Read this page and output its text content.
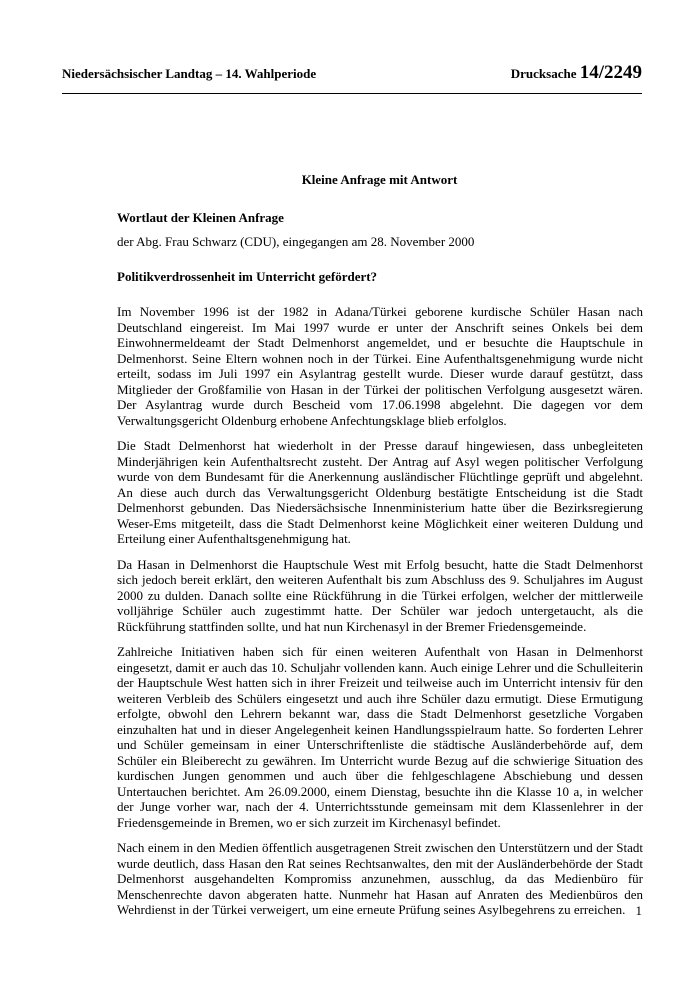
Niedersächsischer Landtag – 14. Wahlperiode	Drucksache 14/2249
Kleine Anfrage mit Antwort
Wortlaut der Kleinen Anfrage
der Abg. Frau Schwarz (CDU), eingegangen am 28. November 2000
Politikverdrossenheit im Unterricht gefördert?

Im November 1996 ist der 1982 in Adana/Türkei geborene kurdische Schüler Hasan nach Deutschland eingereist. Im Mai 1997 wurde er unter der Anschrift seines Onkels bei dem Einwohnermeldeamt der Stadt Delmenhorst angemeldet, und er besuchte die Hauptschule in Delmenhorst. Seine Eltern wohnen noch in der Türkei. Eine Aufenthaltsgenehmigung wurde nicht erteilt, sodass im Juli 1997 ein Asylantrag gestellt wurde. Dieser wurde darauf gestützt, dass Mitglieder der Großfamilie von Hasan in der Türkei der politischen Verfolgung ausgesetzt wären. Der Asylantrag wurde durch Bescheid vom 17.06.1998 abgelehnt. Die dagegen vor dem Verwaltungsgericht Oldenburg erhobene Anfechtungsklage blieb erfolglos.

Die Stadt Delmenhorst hat wiederholt in der Presse darauf hingewiesen, dass unbegleiteten Minderjährigen kein Aufenthaltsrecht zusteht. Der Antrag auf Asyl wegen politischer Verfolgung wurde von dem Bundesamt für die Anerkennung ausländischer Flüchtlinge geprüft und abgelehnt. An diese auch durch das Verwaltungsgericht Oldenburg bestätigte Entscheidung ist die Stadt Delmenhorst gebunden. Das Niedersächsische Innenministerium hatte über die Bezirksregierung Weser-Ems mitgeteilt, dass die Stadt Delmenhorst keine Möglichkeit einer weiteren Duldung und Erteilung einer Aufenthaltsgenehmigung hat.

Da Hasan in Delmenhorst die Hauptschule West mit Erfolg besucht, hatte die Stadt Delmenhorst sich jedoch bereit erklärt, den weiteren Aufenthalt bis zum Abschluss des 9. Schuljahres im August 2000 zu dulden. Danach sollte eine Rückführung in die Türkei erfolgen, welcher der mittlerweile volljährige Schüler auch zugestimmt hatte. Der Schüler war jedoch untergetaucht, als die Rückführung stattfinden sollte, und hat nun Kirchenasyl in der Bremer Friedensgemeinde.

Zahlreiche Initiativen haben sich für einen weiteren Aufenthalt von Hasan in Delmenhorst eingesetzt, damit er auch das 10. Schuljahr vollenden kann. Auch einige Lehrer und die Schulleiterin der Hauptschule West hatten sich in ihrer Freizeit und teilweise auch im Unterricht intensiv für den weiteren Verbleib des Schülers eingesetzt und auch ihre Schüler dazu ermutigt. Diese Ermutigung erfolgte, obwohl den Lehrern bekannt war, dass die Stadt Delmenhorst gesetzliche Vorgaben einzuhalten hat und in dieser Angelegenheit keinen Handlungsspielraum hatte. So forderten Lehrer und Schüler gemeinsam in einer Unterschriftenliste die städtische Ausländerbehörde auf, dem Schüler ein Bleiberecht zu gewähren. Im Unterricht wurde Bezug auf die schwierige Situation des kurdischen Jungen genommen und auch über die fehlgeschlagene Abschiebung und dessen Untertauchen berichtet. Am 26.09.2000, einem Dienstag, besuchte ihn die Klasse 10 a, in welcher der Junge vorher war, nach der 4. Unterrichtsstunde gemeinsam mit dem Klassenlehrer in der Friedensgemeinde in Bremen, wo er sich zurzeit im Kirchenasyl befindet.

Nach einem in den Medien öffentlich ausgetragenen Streit zwischen den Unterstützern und der Stadt wurde deutlich, dass Hasan den Rat seines Rechtsanwaltes, den mit der Ausländerbehörde der Stadt Delmenhorst ausgehandelten Kompromiss anzunehmen, ausschlug, da das Medienbüro für Menschenrechte davon abgeraten hatte. Nunmehr hat Hasan auf Anraten des Medienbüros den Wehrdienst in der Türkei verweigert, um eine erneute Prüfung seines Asylbegehrens zu erreichen. 1
